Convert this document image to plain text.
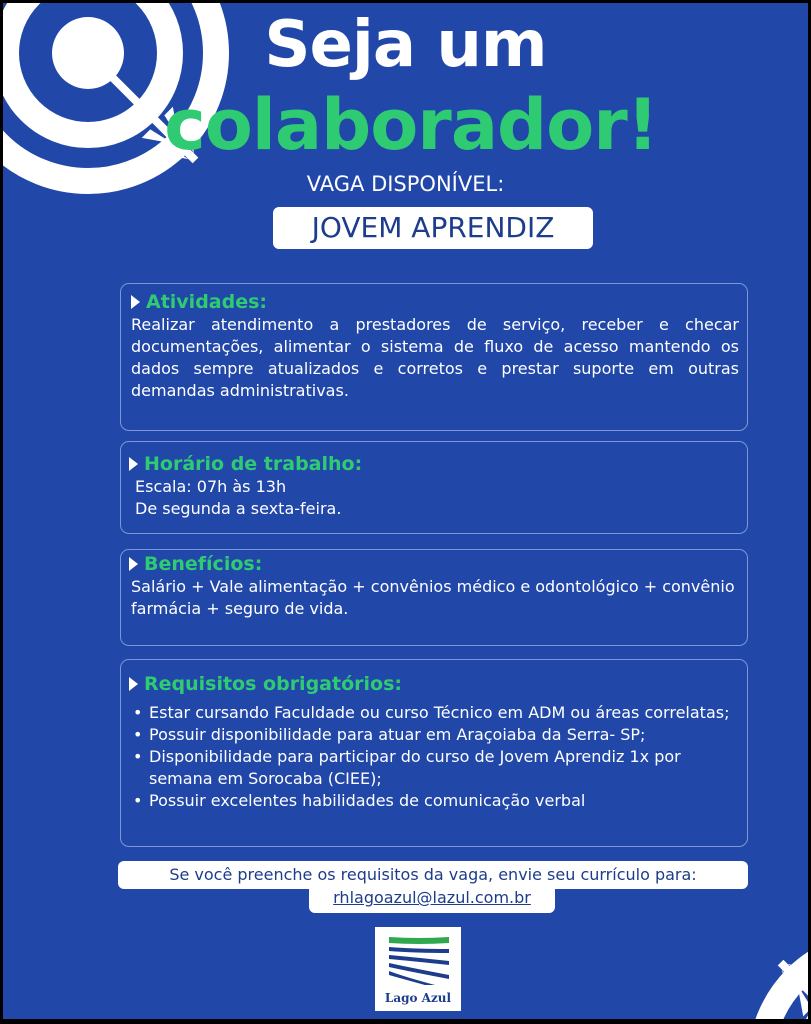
Seja um
colaborador!
VAGA DISPONÍVEL:
JOVEM APRENDIZ
Atividades:
Realizar atendimento a prestadores de serviço, receber e checar documentações, alimentar o sistema de fluxo de acesso mantendo os dados sempre atualizados e corretos e prestar suporte em outras demandas administrativas.
Horário de trabalho:
Escala: 07h às 13h
De segunda a sexta-feira.
Benefícios:
Salário + Vale alimentação + convênios médico e odontológico + convênio farmácia + seguro de vida.
Requisitos obrigatórios:
• Estar cursando Faculdade ou curso Técnico em ADM ou áreas correlatas;
• Possuir disponibilidade para atuar em Araçoiaba da Serra- SP;
• Disponibilidade para participar do curso de Jovem Aprendiz 1x por semana em Sorocaba (CIEE);
• Possuir excelentes habilidades de comunicação verbal
Se você preenche os requisitos da vaga, envie seu currículo para:
rhlagoazul@lazul.com.br
Lago Azul
